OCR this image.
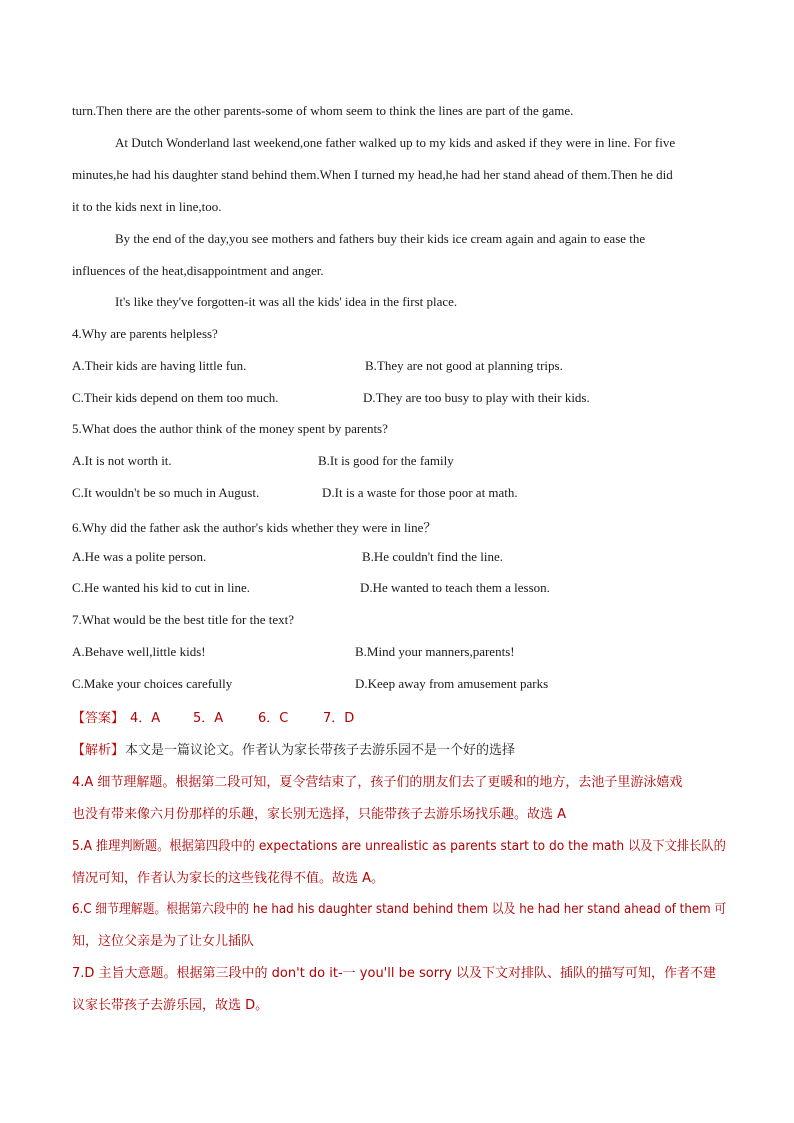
turn.Then there are the other parents-some of whom seem to think the lines are part of the game.
At Dutch Wonderland last weekend,one father walked up to my kids and asked if they were in line. For five
minutes,he had his daughter stand behind them.When I turned my head,he had her stand ahead of them.Then he did
it to the kids next in line,too.
By the end of the day,you see mothers and fathers buy their kids ice cream again and again to ease the
influences of the heat,disappointment and anger.
It's like they've forgotten-it was all the kids' idea in the first place.
4.Why are parents helpless?
A.Their kids are having little fun.	B.They are not good at planning trips.
C.Their kids depend on them too much.	D.They are too busy to play with their kids.
5.What does the author think of the money spent by parents?
A.It is not worth it.	B.It is good for the family
C.It wouldn't be so much in August.	D.It is a waste for those poor at math.
6.Why did the father ask the author's kids whether they were in line？
A.He was a polite person.	B.He couldn't find the line.
C.He wanted his kid to cut in line.	D.He wanted to teach them a lesson.
7.What would be the best title for the text?
A.Behave well,little kids!	B.Mind your manners,parents!
C.Make your choices carefully	D.Keep away from amusement parks
【答案】 4．A	5．A	6．C	7．D
【解析】 本文是一篇议论文。作者认为家长带孩子去游乐园不是一个好的选择
4.A 细节理解题。根据第二段可知，夏令营结束了，孩子们的朋友们去了更暖和的地方，去池子里游泳嬉戏
也没有带来像六月份那样的乐趣，家长别无选择，只能带孩子去游乐场找乐趣。故选 A
5.A 推理判断题。根据第四段中的 expectations are unrealistic as parents start to do the math 以及下文排长队的
情况可知，作者认为家长的这些钱花得不值。故选 A。
6.C 细节理解题。根据第六段中的 he had his daughter stand behind them 以及 he had her stand ahead of them 可
知，这位父亲是为了让女儿插队
7.D 主旨大意题。根据第三段中的 don't do it-一 you'll be sorry 以及下文对排队、插队的描写可知，作者不建
议家长带孩子去游乐园，故选 D。
